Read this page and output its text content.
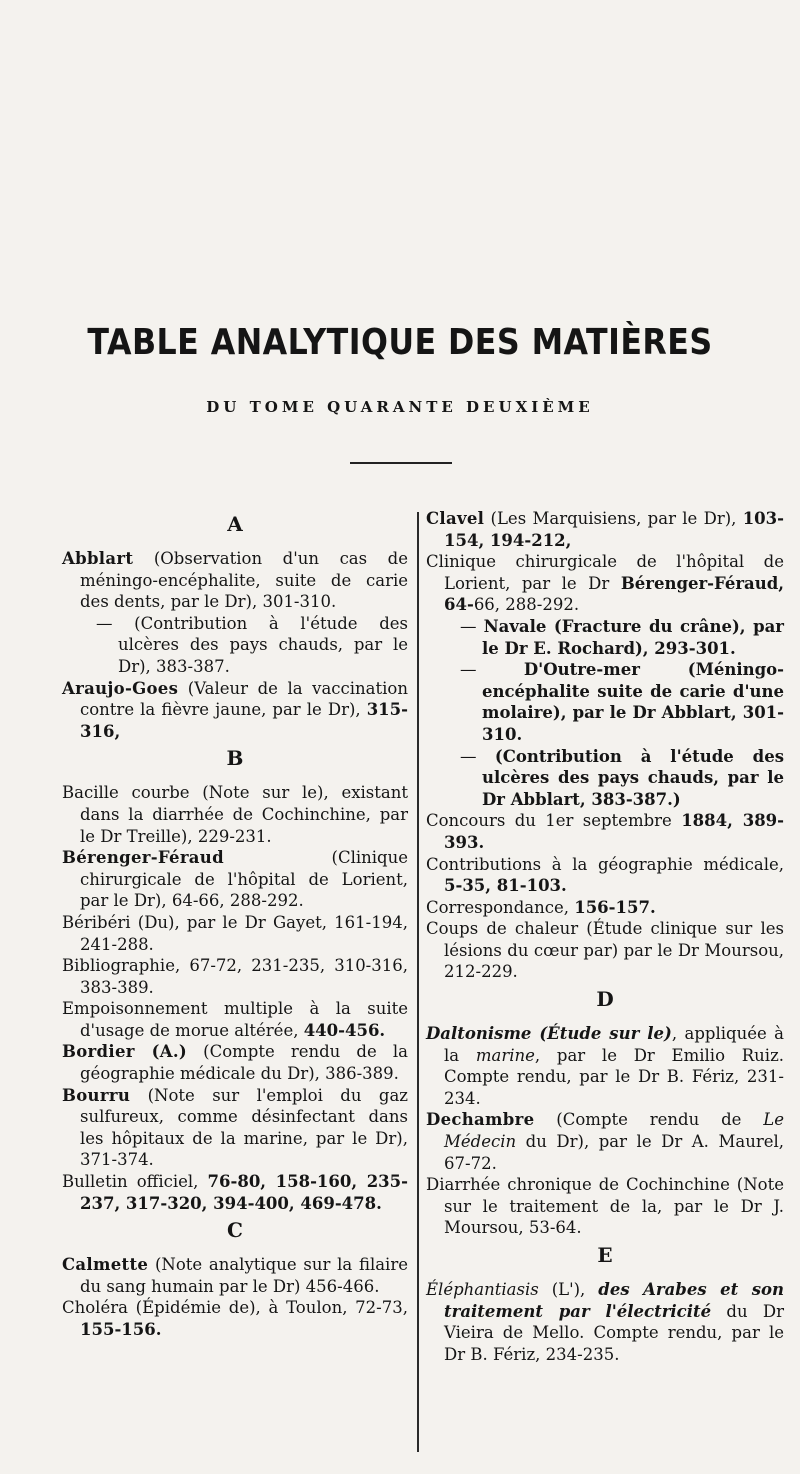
TABLE ANALYTIQUE DES MATIÈRES
DU TOME QUARANTE DEUXIÈME
A

Abblart (Observation d'un cas de méningo-encéphalite, suite de carie des dents, par le Dr), 301-310.

— (Contribution à l'étude des ulcères des pays chauds, par le Dr), 383-387.

Araujo-Goes (Valeur de la vaccination contre la fièvre jaune, par le Dr), 315-316,

B

Bacille courbe (Note sur le), existant dans la diarrhée de Cochinchine, par le Dr Treille), 229-231.

Bérenger-Féraud (Clinique chirurgicale de l'hôpital de Lorient, par le Dr), 64-66, 288-292.

Béribéri (Du), par le Dr Gayet, 161-194, 241-288.

Bibliographie, 67-72, 231-235, 310-316, 383-389.

Empoisonnement multiple à la suite d'usage de morue altérée, 440-456.

Bordier (A.) (Compte rendu de la géographie médicale du Dr), 386-389.

Bourru (Note sur l'emploi du gaz sulfureux, comme désinfectant dans les hôpitaux de la marine, par le Dr), 371-374.

Bulletin officiel, 76-80, 158-160, 235-237, 317-320, 394-400, 469-478.

C

Calmette (Note analytique sur la filaire du sang humain par le Dr) 456-466.

Choléra (Épidémie de), à Toulon, 72-73, 155-156.

Clavel (Les Marquisiens, par le Dr), 103-154, 194-212,

Clinique chirurgicale de l'hôpital de Lorient, par le Dr Bérenger-Féraud, 64-66, 288-292.

— Navale (Fracture du crâne), par le Dr E. Rochard), 293-301.

— D'Outre-mer (Méningo-encéphalite suite de carie d'une molaire), par le Dr Abblart, 301-310.

— (Contribution à l'étude des ulcères des pays chauds, par le Dr Abblart, 383-387.)

Concours du 1er septembre 1884, 389-393.

Contributions à la géographie médicale, 5-35, 81-103.

Correspondance, 156-157.

Coups de chaleur (Étude clinique sur les lésions du cœur par) par le Dr Moursou, 212-229.

D

Daltonisme (Étude sur le), appliquée à la marine, par le Dr Emilio Ruiz. Compte rendu, par le Dr B. Fériz, 231-234.

Dechambre (Compte rendu de Le Médecin du Dr), par le Dr A. Maurel, 67-72.

Diarrhée chronique de Cochinchine (Note sur le traitement de la, par le Dr J. Moursou, 53-64.

E

Éléphantiasis (L'), des Arabes et son traitement par l'électricité du Dr Vieira de Mello. Compte rendu, par le Dr B. Fériz, 234-235.
